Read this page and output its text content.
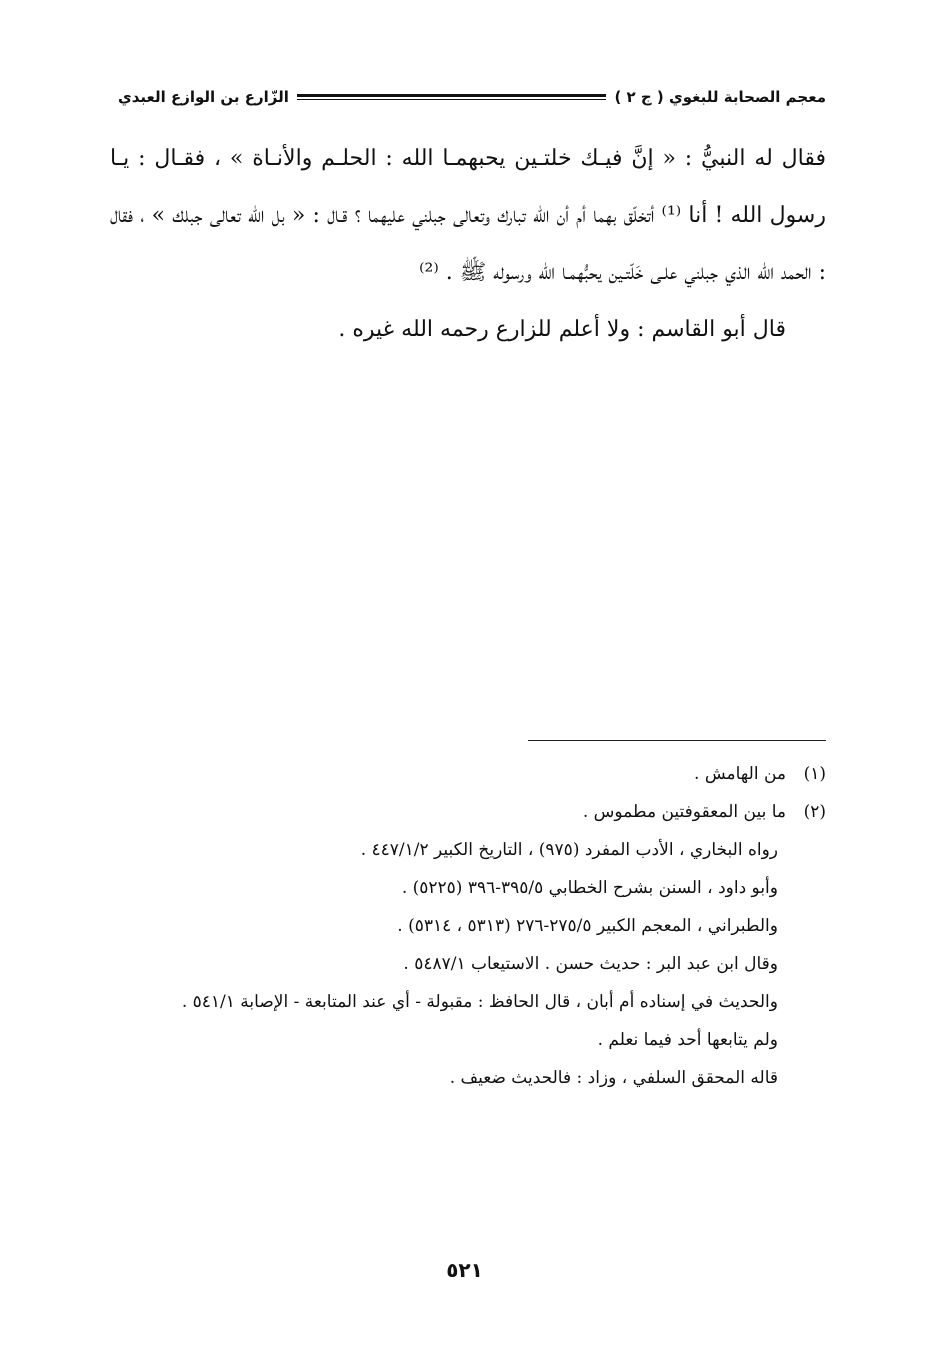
معجم الصحابة للبغوي ( ج ٢ )
الزّارع بن الوازع العبدي

فقال له النبيُّ : « إنَّ فيـك خلتـين يحبهمـا الله : الحلـم والأنـاة » ، فقـال : يـا رسول الله ! أنا ⁽¹⁾ أتخلّق بهما أم أن الله تبارك وتعالى جبلني عليهما ؟ قـال : « بل الله تعالى جبلك » ، فقال : الحمد الله الذي جبلني علـى خَلّتـين يحبُّهمـا الله ورسوله ﷺ . ⁽²⁾

قال أبو القاسم : ولا أعلم للزارع رحمه الله غيره .

(١)
من الهامش .
(٢)
ما بين المعقوفتين مطموس .
رواه البخاري ، الأدب المفرد (٩٧٥) ، التاريخ الكبير ٤٤٧/١/٢ .
وأبو داود ، السنن بشرح الخطابي ٣٩٥/٥-٣٩٦ (٥٢٢٥) .
والطبراني ، المعجم الكبير ٢٧٥/٥-٢٧٦ (٥٣١٣ ، ٥٣١٤) .
وقال ابن عبد البر : حديث حسن . الاستيعاب ٥٤٨٧/١ .
والحديث في إسناده أم أبان ، قال الحافظ : مقبولة - أي عند المتابعة - الإصابة ٥٤١/١ .
ولم يتابعها أحد فيما نعلم .
قاله المحقق السلفي ، وزاد : فالحديث ضعيف .
٥٢١
